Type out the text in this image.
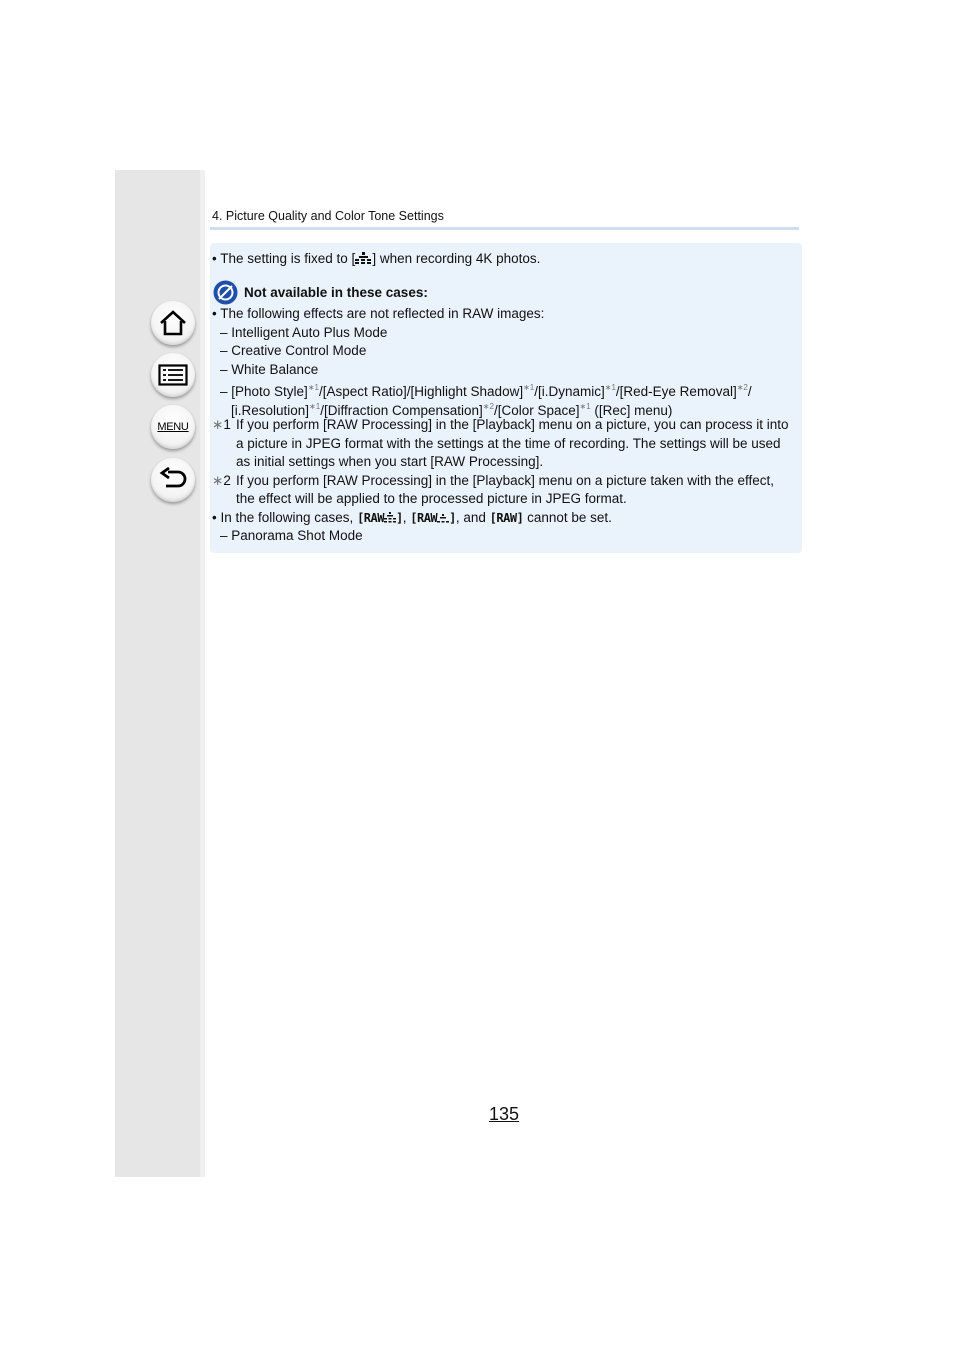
MENU
4. Picture Quality and Color Tone Settings
• The setting is fixed to [ ] when recording 4K photos.
Not available in these cases:
• The following effects are not reflected in RAW images:
– Intelligent Auto Plus Mode
– Creative Control Mode
– White Balance
– [Photo Style]$^{∗1}$/[Aspect Ratio]/[Highlight Shadow]$^{∗1}$/[i.Dynamic]$^{∗1}$/[Red-Eye Removal]$^{∗2}$/
[i.Resolution]$^{∗1}$/[Diffraction Compensation]$^{∗2}$/[Color Space]$^{∗1}$ ([Rec] menu)
∗1 If you perform [RAW Processing] in the [Playback] menu on a picture, you can process it into
a picture in JPEG format with the settings at the time of recording. The settings will be used
as initial settings when you start [RAW Processing].
∗2 If you perform [RAW Processing] in the [Playback] menu on a picture taken with the effect,
the effect will be applied to the processed picture in JPEG format.
• In the following cases, [RAW ], [RAW ], and [RAW] cannot be set.
– Panorama Shot Mode
135
